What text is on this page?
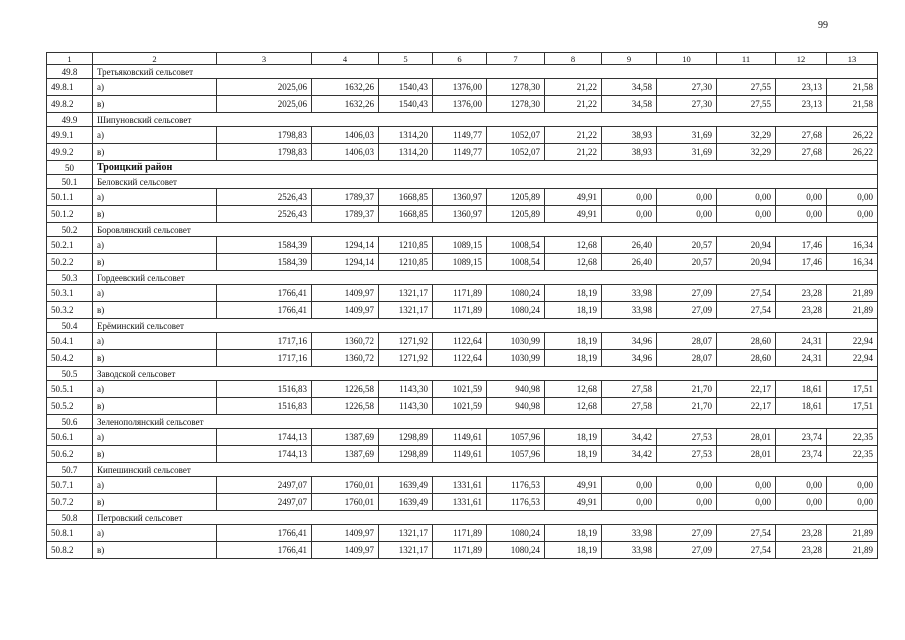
99
1	2	3	4	5	6	7	8	9	10	11	12	13
49.8	Третьяковский сельсовет											
49.8.1	а)	2025,06	1632,26	1540,43	1376,00	1278,30	21,22	34,58	27,30	27,55	23,13	21,58
49.8.2	в)	2025,06	1632,26	1540,43	1376,00	1278,30	21,22	34,58	27,30	27,55	23,13	21,58
49.9	Шипуновский сельсовет											
49.9.1	а)	1798,83	1406,03	1314,20	1149,77	1052,07	21,22	38,93	31,69	32,29	27,68	26,22
49.9.2	в)	1798,83	1406,03	1314,20	1149,77	1052,07	21,22	38,93	31,69	32,29	27,68	26,22
50	Троицкий район											
50.1	Беловский сельсовет											
50.1.1	а)	2526,43	1789,37	1668,85	1360,97	1205,89	49,91	0,00	0,00	0,00	0,00	0,00
50.1.2	в)	2526,43	1789,37	1668,85	1360,97	1205,89	49,91	0,00	0,00	0,00	0,00	0,00
50.2	Боровлянский сельсовет											
50.2.1	а)	1584,39	1294,14	1210,85	1089,15	1008,54	12,68	26,40	20,57	20,94	17,46	16,34
50.2.2	в)	1584,39	1294,14	1210,85	1089,15	1008,54	12,68	26,40	20,57	20,94	17,46	16,34
50.3	Гордеевский сельсовет											
50.3.1	а)	1766,41	1409,97	1321,17	1171,89	1080,24	18,19	33,98	27,09	27,54	23,28	21,89
50.3.2	в)	1766,41	1409,97	1321,17	1171,89	1080,24	18,19	33,98	27,09	27,54	23,28	21,89
50.4	Ерёминский сельсовет											
50.4.1	а)	1717,16	1360,72	1271,92	1122,64	1030,99	18,19	34,96	28,07	28,60	24,31	22,94
50.4.2	в)	1717,16	1360,72	1271,92	1122,64	1030,99	18,19	34,96	28,07	28,60	24,31	22,94
50.5	Заводской сельсовет											
50.5.1	а)	1516,83	1226,58	1143,30	1021,59	940,98	12,68	27,58	21,70	22,17	18,61	17,51
50.5.2	в)	1516,83	1226,58	1143,30	1021,59	940,98	12,68	27,58	21,70	22,17	18,61	17,51
50.6	Зеленополянский сельсовет											
50.6.1	а)	1744,13	1387,69	1298,89	1149,61	1057,96	18,19	34,42	27,53	28,01	23,74	22,35
50.6.2	в)	1744,13	1387,69	1298,89	1149,61	1057,96	18,19	34,42	27,53	28,01	23,74	22,35
50.7	Кипешинский сельсовет											
50.7.1	а)	2497,07	1760,01	1639,49	1331,61	1176,53	49,91	0,00	0,00	0,00	0,00	0,00
50.7.2	в)	2497,07	1760,01	1639,49	1331,61	1176,53	49,91	0,00	0,00	0,00	0,00	0,00
50.8	Петровский сельсовет											
50.8.1	а)	1766,41	1409,97	1321,17	1171,89	1080,24	18,19	33,98	27,09	27,54	23,28	21,89
50.8.2	в)	1766,41	1409,97	1321,17	1171,89	1080,24	18,19	33,98	27,09	27,54	23,28	21,89
